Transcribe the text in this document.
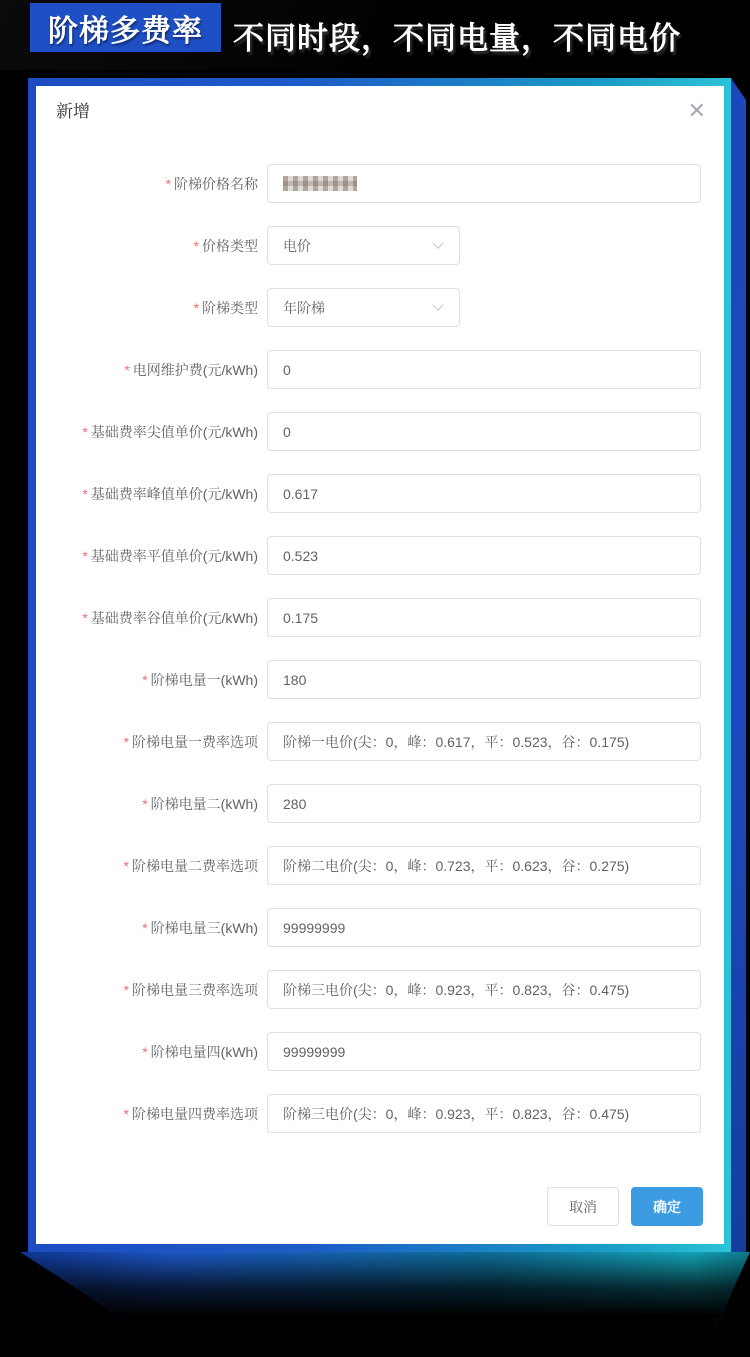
阶梯多费率 不同时段，不同电量，不同电价
新增	✕
* 阶梯价格名称
* 价格类型 电价
* 阶梯类型 年阶梯
* 电网维护费(元/kWh) 0
* 基础费率尖值单价(元/kWh) 0
* 基础费率峰值单价(元/kWh) 0.617
* 基础费率平值单价(元/kWh) 0.523
* 基础费率谷值单价(元/kWh) 0.175
* 阶梯电量一(kWh) 180
* 阶梯电量一费率选项 阶梯一电价(尖：0，峰：0.617，平：0.523，谷：0.175)
* 阶梯电量二(kWh) 280
* 阶梯电量二费率选项 阶梯二电价(尖：0，峰：0.723，平：0.623，谷：0.275)
* 阶梯电量三(kWh) 99999999
* 阶梯电量三费率选项 阶梯三电价(尖：0，峰：0.923，平：0.823，谷：0.475)
* 阶梯电量四(kWh) 99999999
* 阶梯电量四费率选项 阶梯三电价(尖：0，峰：0.923，平：0.823，谷：0.475)
取消	确定
